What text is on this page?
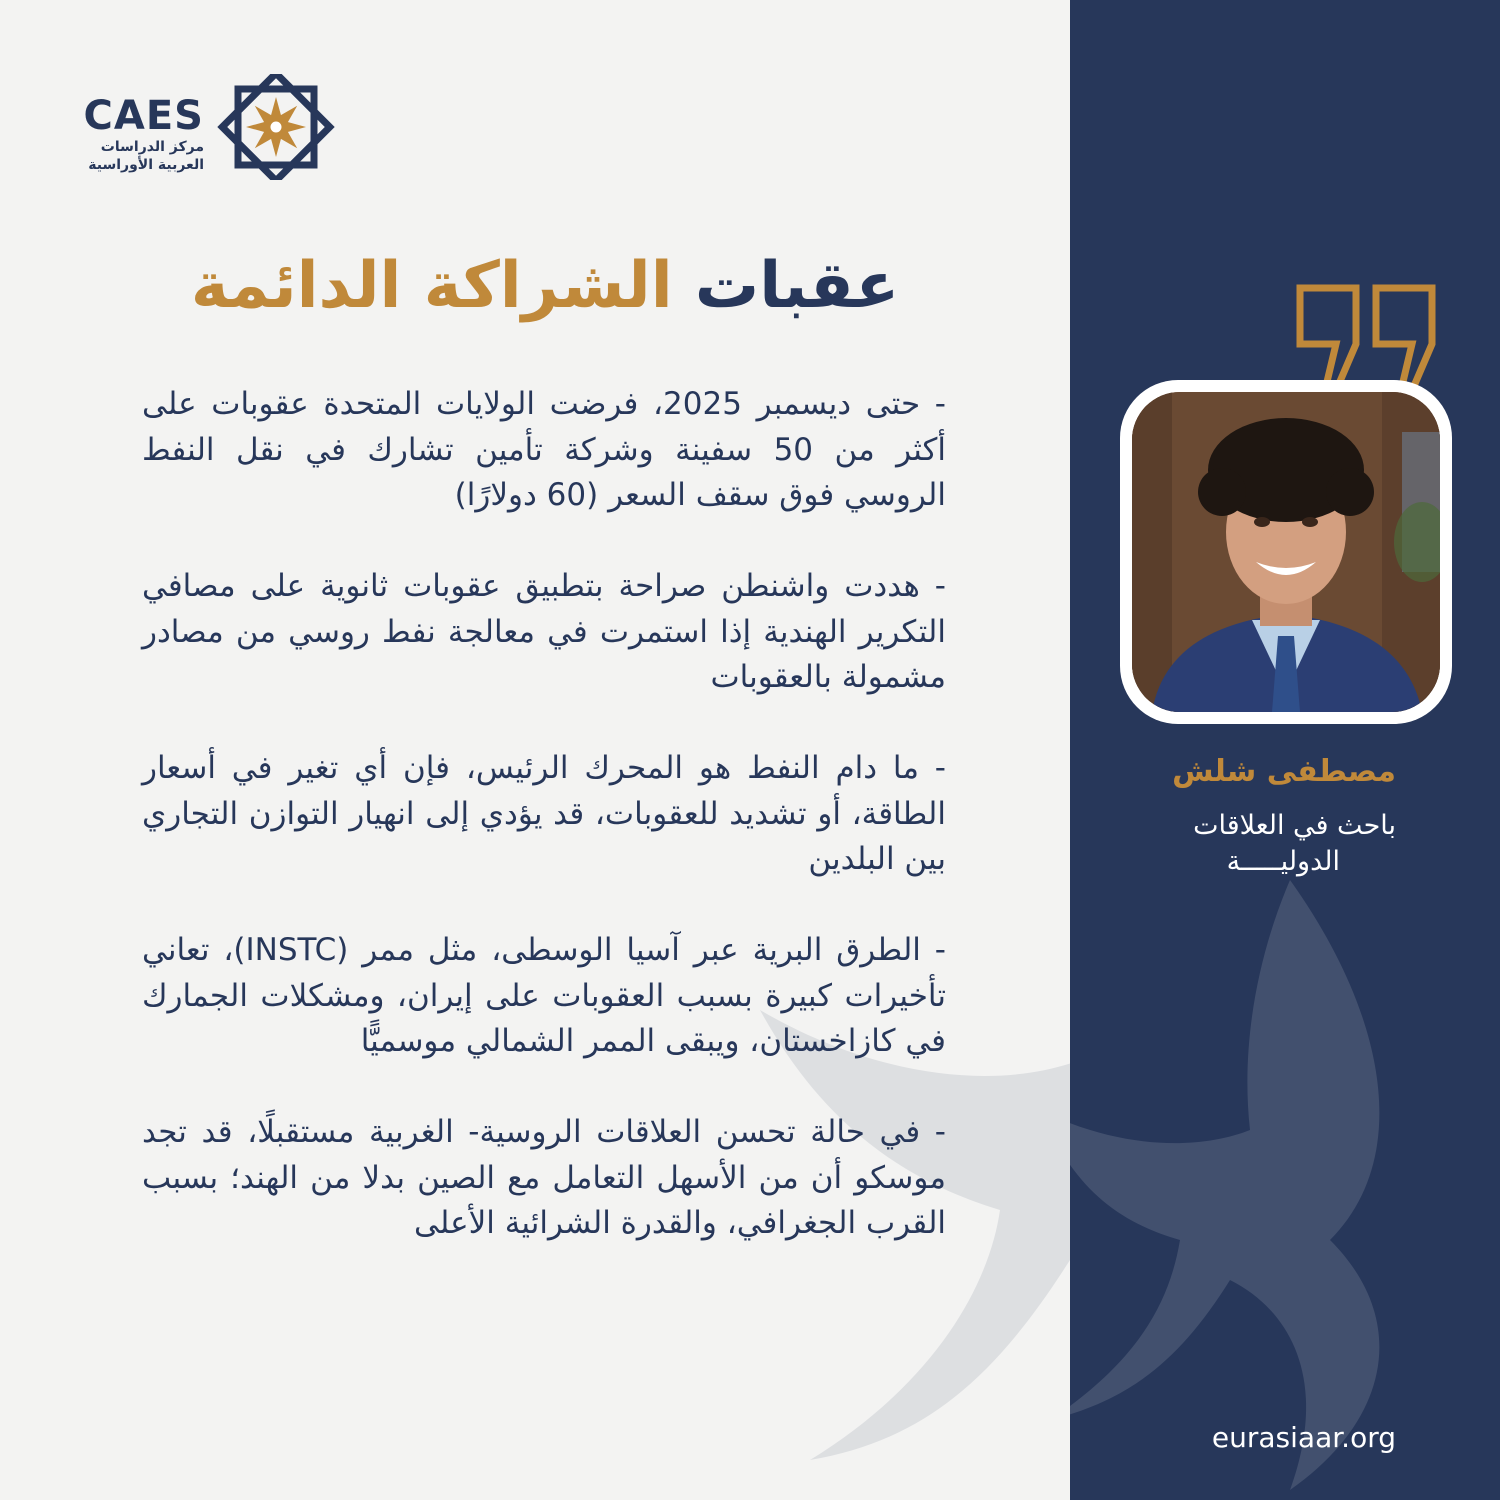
CAES
مركز الدراسات
العربية الأوراسية
عقبات الشراكة الدائمة

- حتى ديسمبر 2025، فرضت الولايات المتحدة عقوبات على أكثر من 50 سفينة وشركة تأمين تشارك في نقل النفط الروسي فوق سقف السعر (60 دولارًا)

- هددت واشنطن صراحة بتطبيق عقوبات ثانوية على مصافي التكرير الهندية إذا استمرت في معالجة نفط روسي من مصادر مشمولة بالعقوبات

- ما دام النفط هو المحرك الرئيس، فإن أي تغير في أسعار الطاقة، أو تشديد للعقوبات، قد يؤدي إلى انهيار التوازن التجاري بين البلدين

- الطرق البرية عبر آسيا الوسطى، مثل ممر (INSTC)، تعاني تأخيرات كبيرة بسبب العقوبات على إيران، ومشكلات الجمارك في كازاخستان، ويبقى الممر الشمالي موسميًّا

- في حالة تحسن العلاقات الروسية- الغربية مستقبلًا، قد تجد موسكو أن من الأسهل التعامل مع الصين بدلا من الهند؛ بسبب القرب الجغرافي، والقدرة الشرائية الأعلى

مصطفى شلش
باحث في العلاقات
الدوليـــــة
eurasiaar.org
